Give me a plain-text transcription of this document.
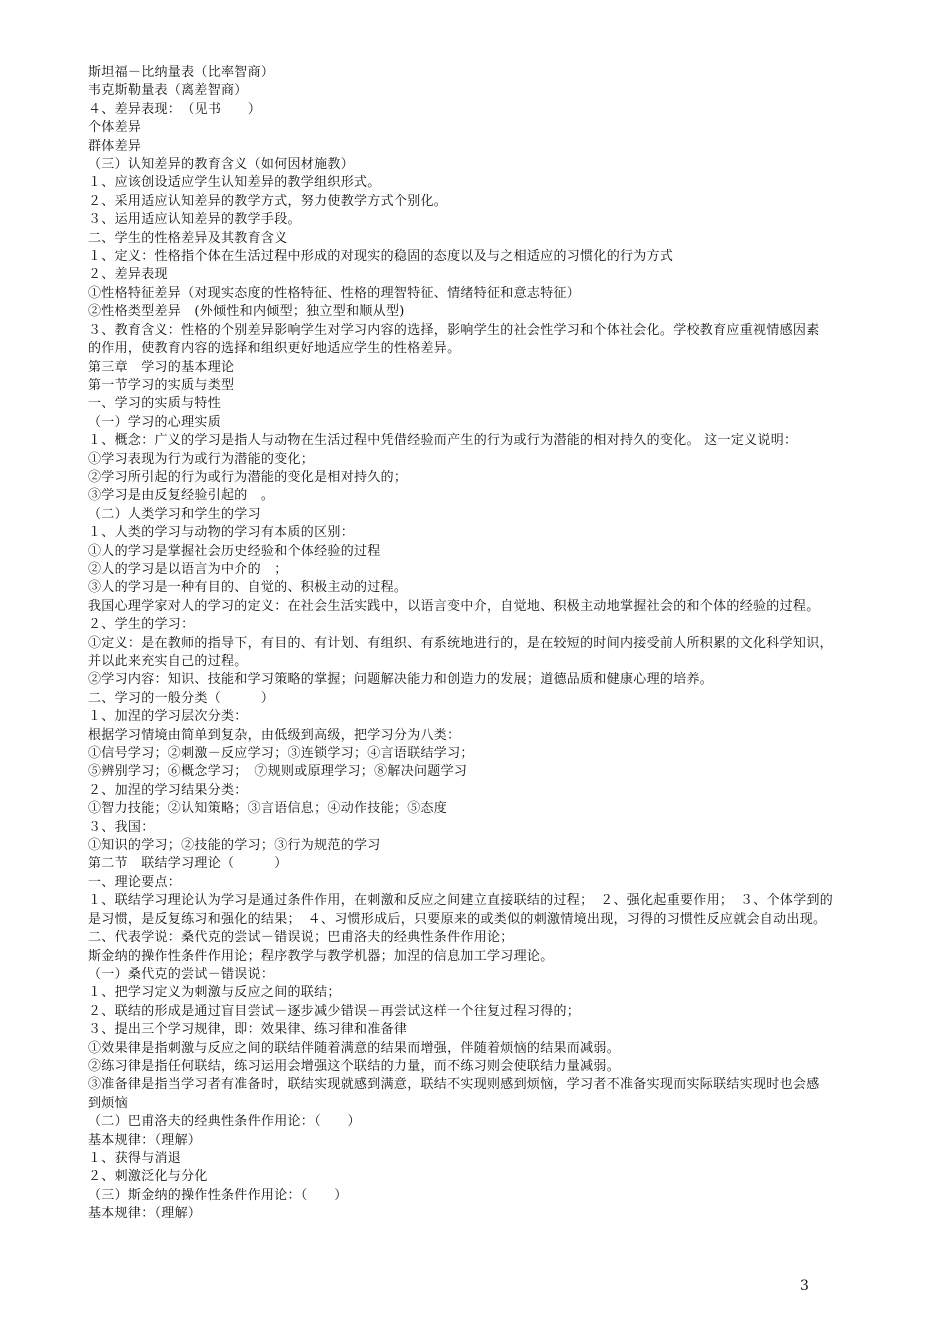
斯坦福－比纳量表（比率智商）
韦克斯勒量表（离差智商）
４、差异表现：　（见书　　）
个体差异
群体差异
（三）认知差异的教育含义（如何因材施教）
１、应该创设适应学生认知差异的教学组织形式。
２、采用适应认知差异的教学方式，努力使教学方式个别化。
３、运用适应认知差异的教学手段。
二、学生的性格差异及其教育含义
１、定义：性格指个体在生活过程中形成的对现实的稳固的态度以及与之相适应的习惯化的行为方式
２、差异表现
①性格特征差异（对现实态度的性格特征、性格的理智特征、情绪特征和意志特征）
②性格类型差异　(外倾性和内倾型；独立型和顺从型)
３、教育含义：性格的个别差异影响学生对学习内容的选择，影响学生的社会性学习和个体社会化。学校教育应重视情感因素
的作用，使教育内容的选择和组织更好地适应学生的性格差异。
第三章　学习的基本理论
第一节学习的实质与类型
一、学习的实质与特性
（一）学习的心理实质
１、概念：广义的学习是指人与动物在生活过程中凭借经验而产生的行为或行为潜能的相对持久的变化。 这一定义说明：
①学习表现为行为或行为潜能的变化；
②学习所引起的行为或行为潜能的变化是相对持久的；
③学习是由反复经验引起的　。
（二）人类学习和学生的学习
１、人类的学习与动物的学习有本质的区别：
①人的学习是掌握社会历史经验和个体经验的过程
②人的学习是以语言为中介的　；
③人的学习是一种有目的、自觉的、积极主动的过程。
我国心理学家对人的学习的定义：在社会生活实践中，以语言变中介，自觉地、积极主动地掌握社会的和个体的经验的过程。
２、学生的学习：
①定义：是在教师的指导下，有目的、有计划、有组织、有系统地进行的，是在较短的时间内接受前人所积累的文化科学知识，
并以此来充实自己的过程。
②学习内容：知识、技能和学习策略的掌握；问题解决能力和创造力的发展；道德品质和健康心理的培养。
二、学习的一般分类（　　　）
１、加涅的学习层次分类：
根据学习情境由简单到复杂，由低级到高级，把学习分为八类：
①信号学习；②刺激－反应学习；③连锁学习；④言语联结学习；
⑤辨别学习；⑥概念学习；　⑦规则或原理学习；⑧解决问题学习
２、加涅的学习结果分类：
①智力技能；②认知策略；③言语信息；④动作技能；⑤态度
３、我国：
①知识的学习；②技能的学习；③行为规范的学习
第二节　联结学习理论（　　　）
一、理论要点：
１、联结学习理论认为学习是通过条件作用，在刺激和反应之间建立直接联结的过程；　２、强化起重要作用；　３、个体学到的
是习惯，是反复练习和强化的结果；　４、习惯形成后，只要原来的或类似的刺激情境出现，习得的习惯性反应就会自动出现。
二、代表学说：桑代克的尝试－错误说；巴甫洛夫的经典性条件作用论；
斯金纳的操作性条件作用论；程序教学与教学机器；加涅的信息加工学习理论。
（一）桑代克的尝试－错误说：
１、把学习定义为刺激与反应之间的联结；
２、联结的形成是通过盲目尝试－逐步减少错误－再尝试这样一个往复过程习得的；
３、提出三个学习规律，即：效果律、练习律和准备律
①效果律是指刺激与反应之间的联结伴随着满意的结果而增强，伴随着烦恼的结果而减弱。
②练习律是指任何联结，练习运用会增强这个联结的力量，而不练习则会使联结力量减弱。
③准备律是指当学习者有准备时，联结实现就感到满意，联结不实现则感到烦恼，学习者不准备实现而实际联结实现时也会感
到烦恼
（二）巴甫洛夫的经典性条件作用论：（　　）
基本规律：（理解）
１、获得与消退
２、刺激泛化与分化
（三）斯金纳的操作性条件作用论：（　　）
基本规律：（理解）
3
